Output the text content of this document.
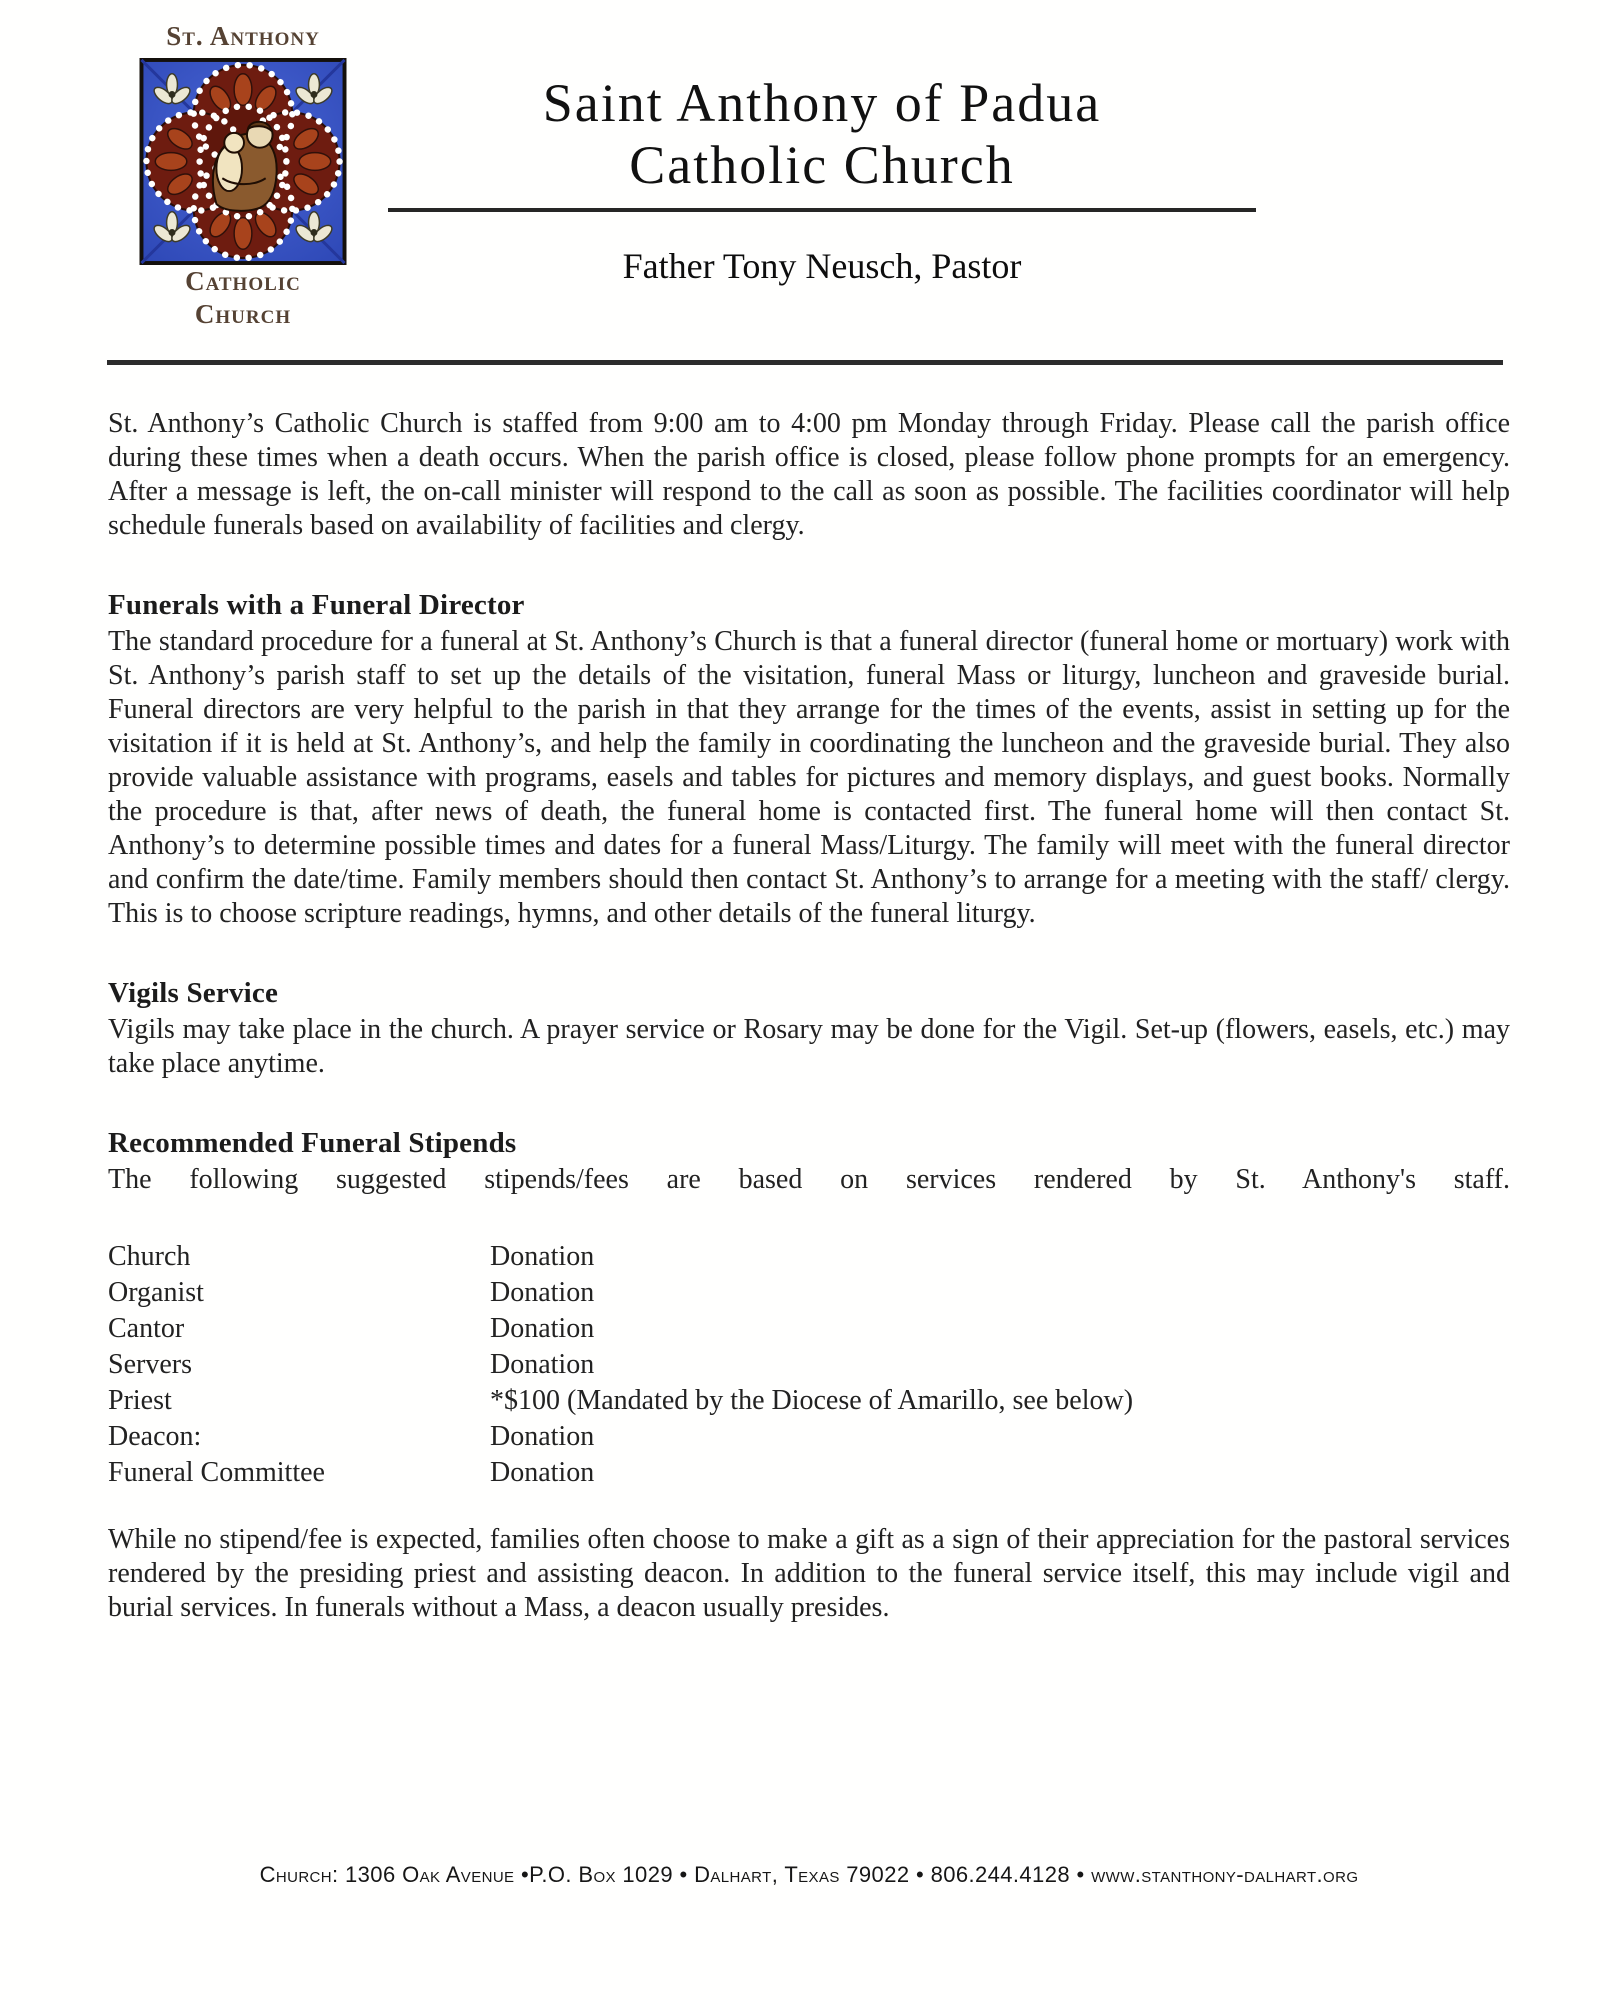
St. Anthony
Catholic
Church
Saint Anthony of Padua
Catholic Church
Father Tony Neusch, Pastor

St. Anthony’s Catholic Church is staffed from 9:00 am to 4:00 pm Monday through Friday. Please call the parish office during these times when a death occurs. When the parish office is closed, please follow phone prompts for an emergency. After a message is left, the on-call minister will respond to the call as soon as possible. The facilities coordinator will help schedule funerals based on availability of facilities and clergy.

Funerals with a Funeral Director

The standard procedure for a funeral at St. Anthony’s Church is that a funeral director (funeral home or mortuary) work with St. Anthony’s parish staff to set up the details of the visitation, funeral Mass or liturgy, luncheon and graveside burial. Funeral directors are very helpful to the parish in that they arrange for the times of the events, assist in setting up for the visitation if it is held at St. Anthony’s, and help the family in coordinating the luncheon and the graveside burial. They also provide valuable assistance with programs, easels and tables for pictures and memory displays, and guest books. Normally the procedure is that, after news of death, the funeral home is contacted first. The funeral home will then contact St. Anthony’s to determine possible times and dates for a funeral Mass/Liturgy. The family will meet with the funeral director and confirm the date/time. Family members should then contact St. Anthony’s to arrange for a meeting with the staff/ clergy. This is to choose scripture readings, hymns, and other details of the funeral liturgy.

Vigils Service

Vigils may take place in the church. A prayer service or Rosary may be done for the Vigil. Set-up (flowers, easels, etc.) may take place anytime.

Recommended Funeral Stipends

The following suggested stipends/fees are based on services rendered by St. Anthony's staff.

Church	Donation
Organist	Donation
Cantor	Donation
Servers	Donation
Priest	*$100 (Mandated by the Diocese of Amarillo, see below)
Deacon:	Donation
Funeral Committee	Donation

While no stipend/fee is expected, families often choose to make a gift as a sign of their appreciation for the pastoral services rendered by the presiding priest and assisting deacon. In addition to the funeral service itself, this may include vigil and burial services. In funerals without a Mass, a deacon usually presides.

Church: 1306 Oak Avenue •P.O. Box 1029 • Dalhart, Texas 79022 • 806.244.4128 • www.stanthony-dalhart.org
